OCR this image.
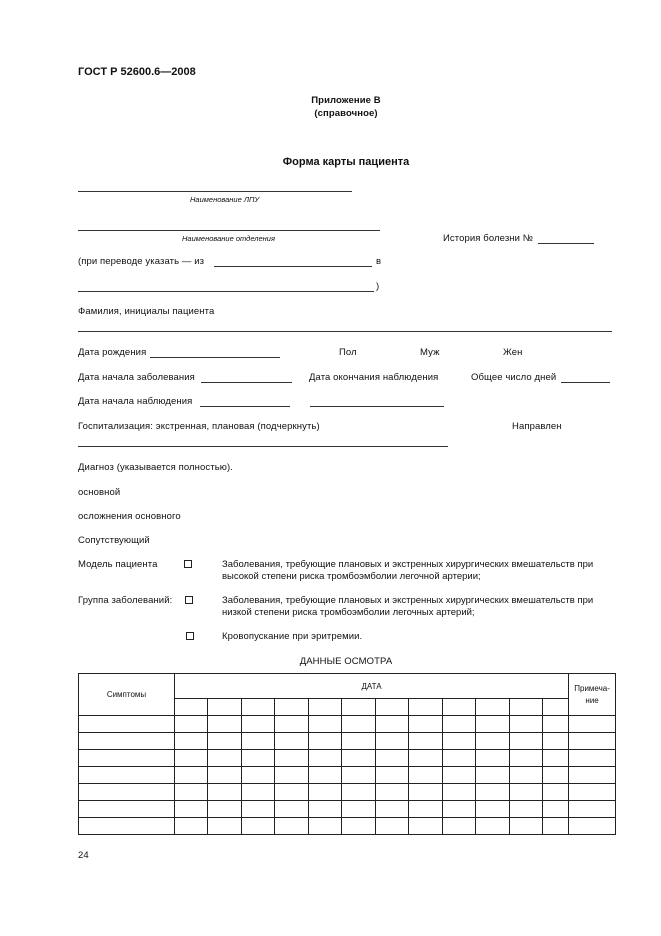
ГОСТ Р 52600.6—2008
Приложение В
(справочное)
Форма карты пациента
Наименование ЛПУ
Наименование отделения	История болезни №
(при переводе указать — из	в
)
Фамилия, инициалы пациента
Дата рождения	Пол	Муж	Жен
Дата начала заболевания	Дата окончания наблюдения	Общее число дней
Дата начала наблюдения
Госпитализация: экстренная, плановая (подчеркнуть)	Направлен
Диагноз (указывается полностью).
основной
осложнения основного
Сопутствующий
Модель пациента	Заболевания, требующие плановых и экстренных хирургических вмешательств при
высокой степени риска тромбоэмболии легочной артерии;
Группа заболеваний:	Заболевания, требующие плановых и экстренных хирургических вмешательств при
низкой степени риска тромбоэмболии легочных артерий;
Кровопускание при эритремии.
ДАННЫЕ ОСМОТРА
Симптомы	ДАТА												Примеча-
ние

24
